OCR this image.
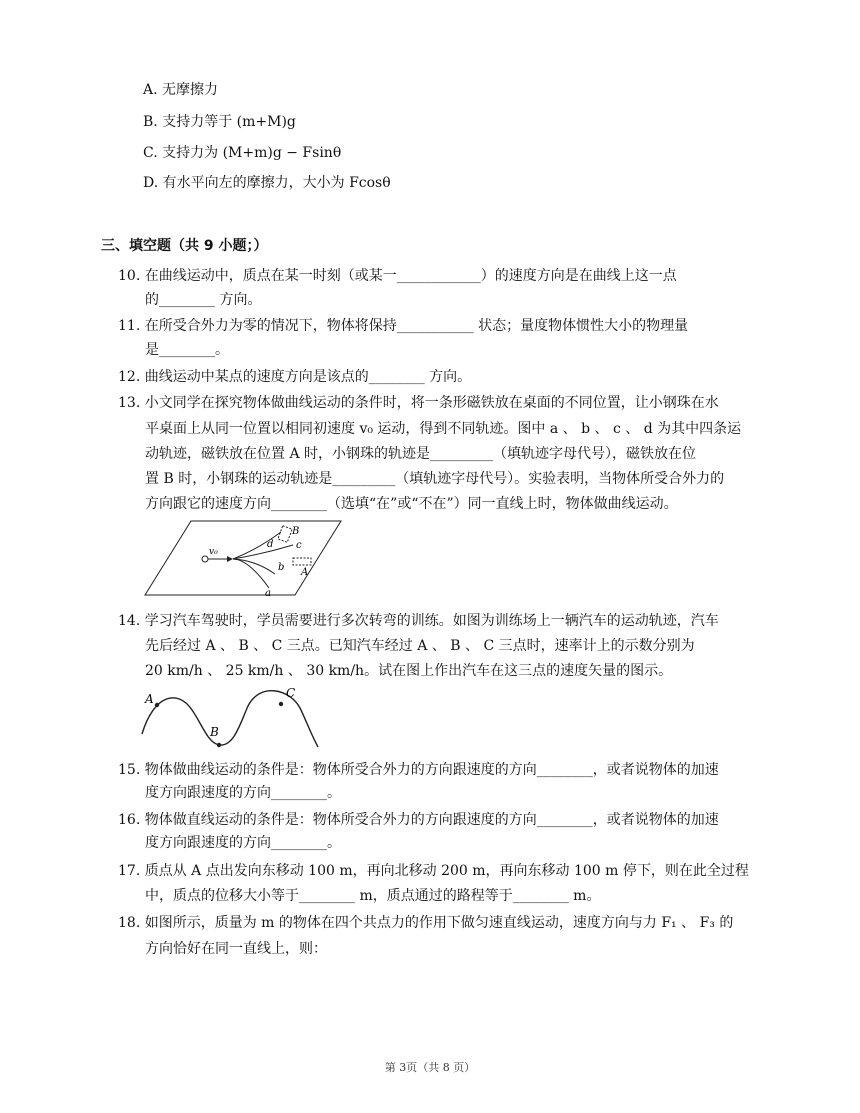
A. 无摩擦力
B. 支持力等于 (m+M)g
C. 支持力为 (M+m)g − Fsinθ
D. 有水平向左的摩擦力，大小为 Fcosθ
三、填空题（共 9 小题；）
10. 在曲线运动中，质点在某一时刻（或某一____________）的速度方向是在曲线上这一点
的________ 方向。
11. 在所受合外力为零的情况下，物体将保持___________ 状态；量度物体惯性大小的物理量
是________。
12. 曲线运动中某点的速度方向是该点的________ 方向。
13. 小文同学在探究物体做曲线运动的条件时，将一条形磁铁放在桌面的不同位置，让小钢珠在水
平桌面上从同一位置以相同初速度 v₀ 运动，得到不同轨迹。图中 a 、 b 、 c 、 d 为其中四条运
动轨迹，磁铁放在位置 A 时，小钢珠的轨迹是_________（填轨迹字母代号），磁铁放在位
置 B 时，小钢珠的运动轨迹是_________（填轨迹字母代号）。实验表明，当物体所受合外力的
方向跟它的速度方向________（选填“在”或“不在”）同一直线上时，物体做曲线运动。
v₀
a
b
c
d
B
A
14. 学习汽车驾驶时，学员需要进行多次转弯的训练。如图为训练场上一辆汽车的运动轨迹，汽车
先后经过 A 、 B 、 C 三点。已知汽车经过 A 、 B 、 C 三点时，速率计上的示数分别为
20 km/h 、 25 km/h 、 30 km/h。试在图上作出汽车在这三点的速度矢量的图示。
A
B
C
15. 物体做曲线运动的条件是：物体所受合外力的方向跟速度的方向________，或者说物体的加速
度方向跟速度的方向________。
16. 物体做直线运动的条件是：物体所受合外力的方向跟速度的方向________，或者说物体的加速
度方向跟速度的方向________。
17. 质点从 A 点出发向东移动 100 m，再向北移动 200 m，再向东移动 100 m 停下，则在此全过程
中，质点的位移大小等于________ m，质点通过的路程等于________ m。
18. 如图所示，质量为 m 的物体在四个共点力的作用下做匀速直线运动，速度方向与力 F₁ 、 F₃ 的
方向恰好在同一直线上，则：
第 3页（共 8 页）
